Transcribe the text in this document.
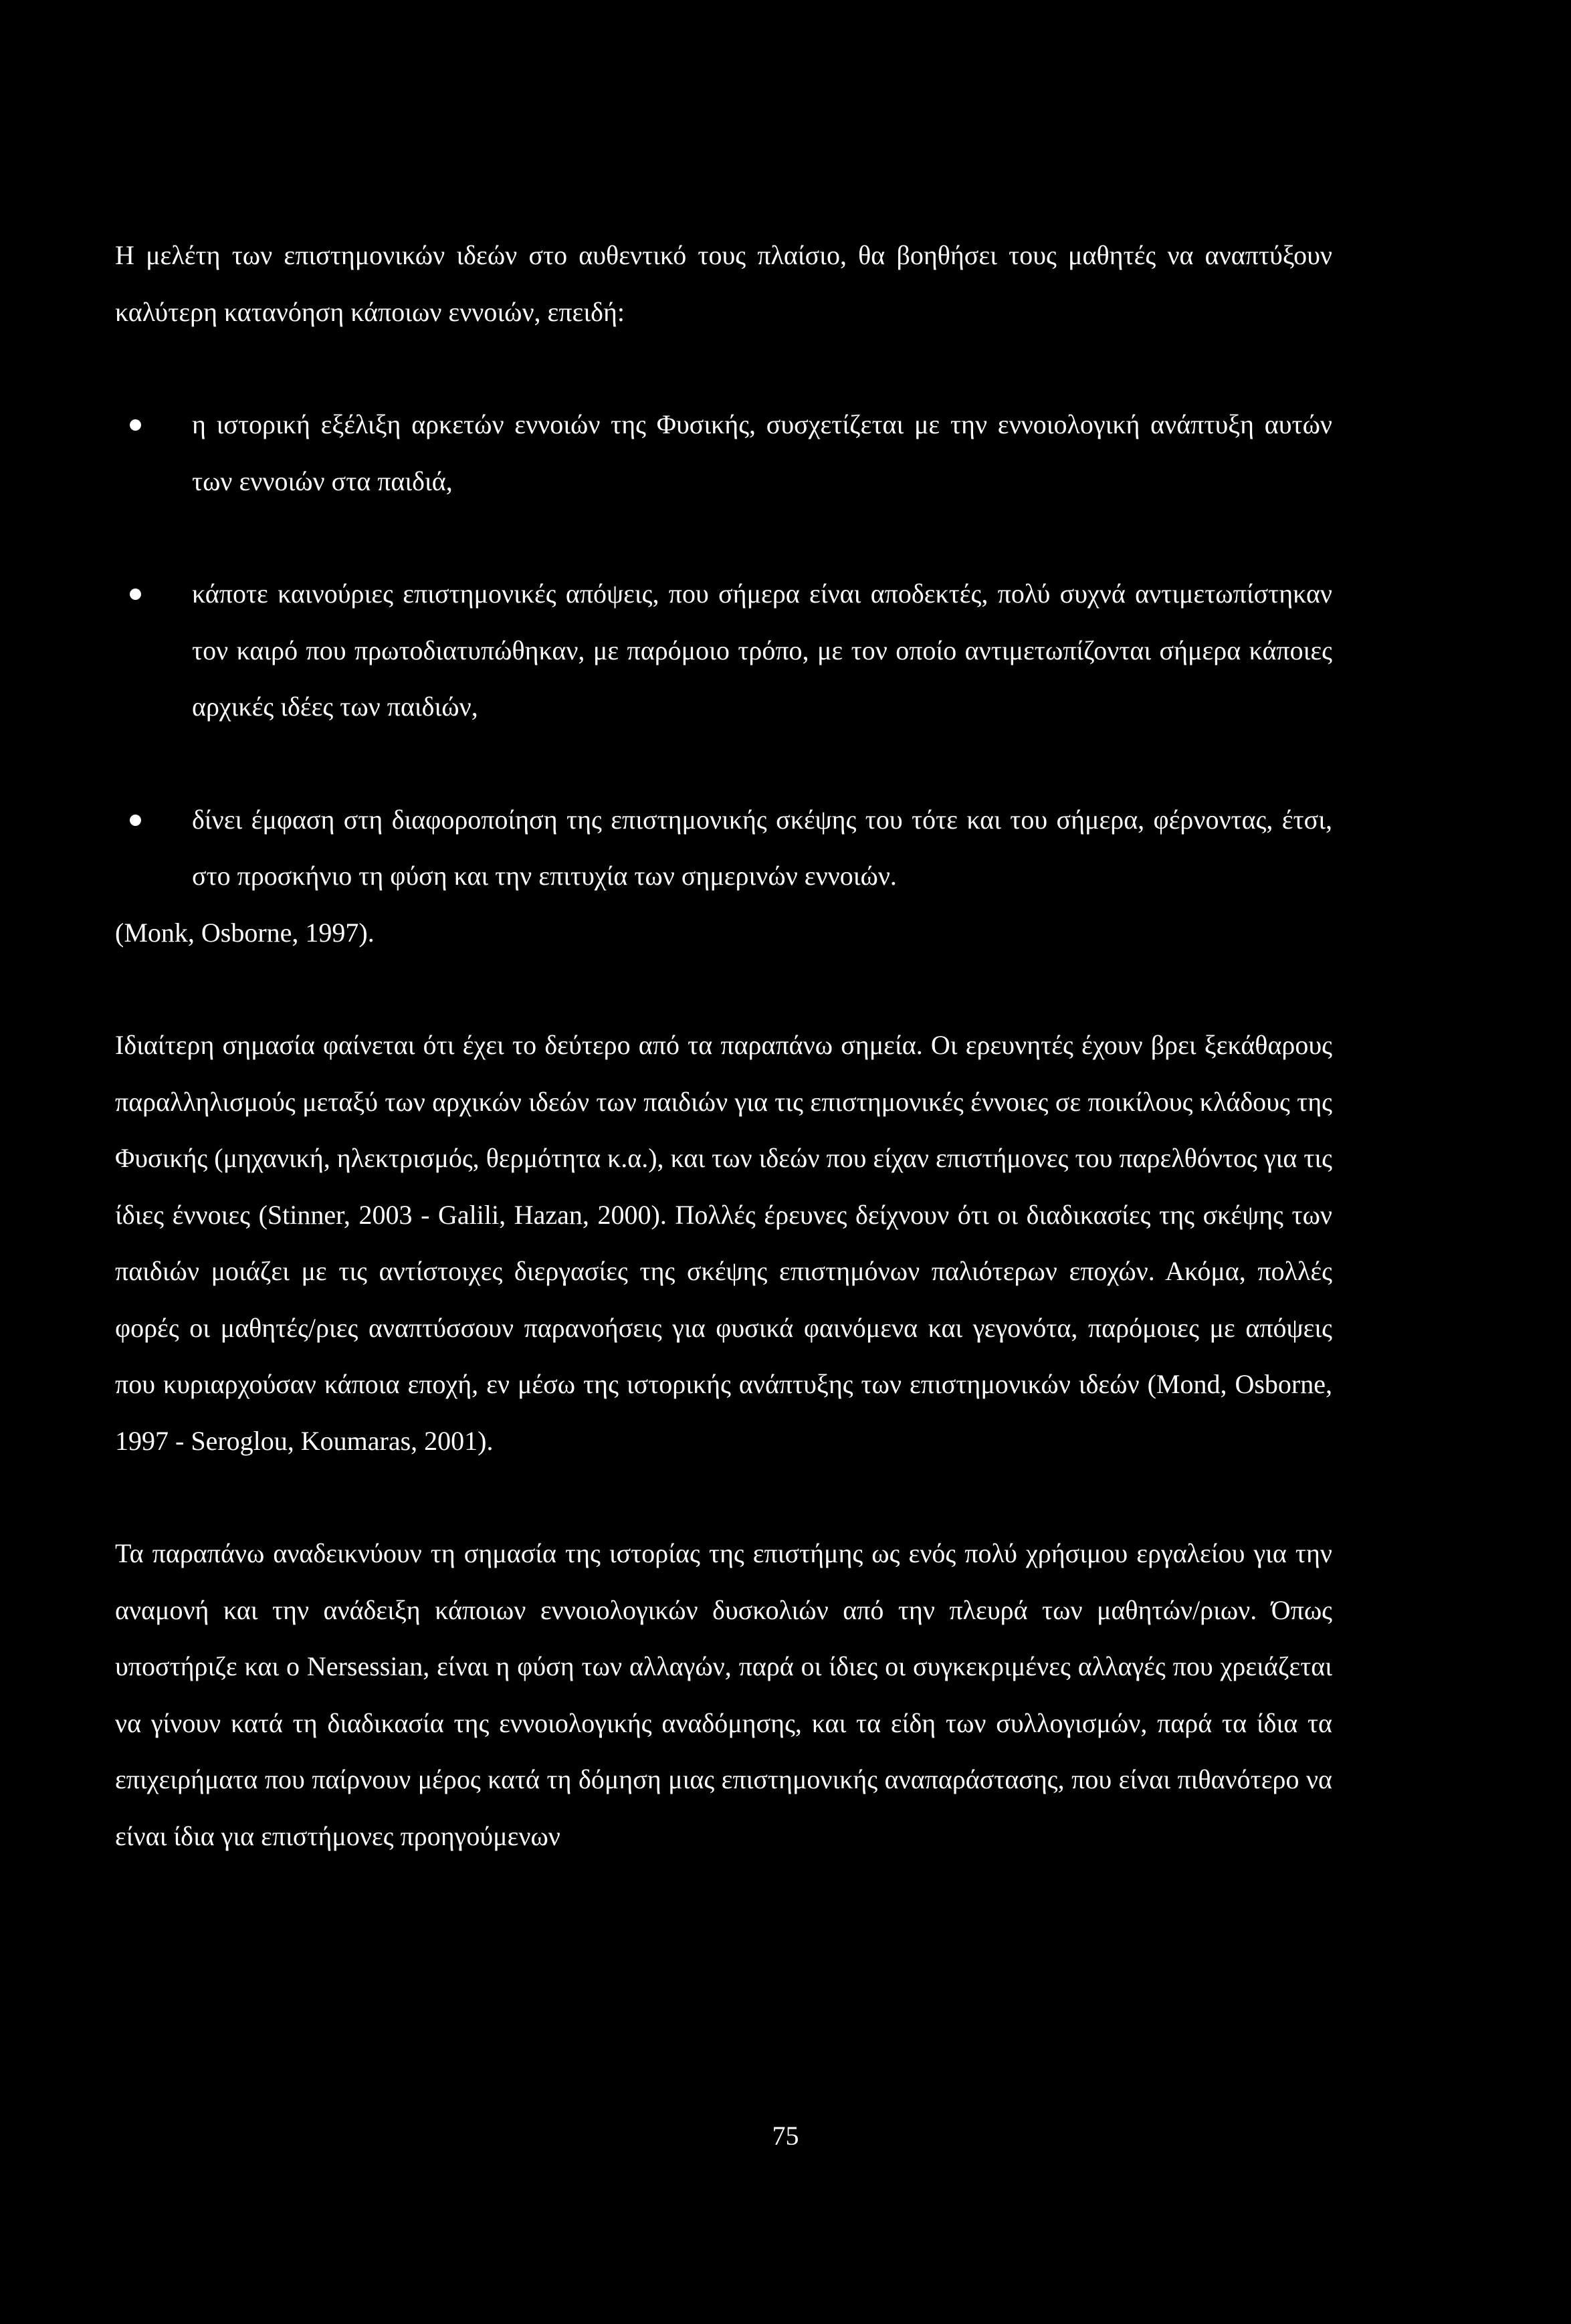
Η μελέτη των επιστημονικών ιδεών στο αυθεντικό τους πλαίσιο, θα βοηθήσει τους μαθητές να αναπτύξουν καλύτερη κατανόηση κάποιων εννοιών, επειδή:

η ιστορική εξέλιξη αρκετών εννοιών της Φυσικής, συσχετίζεται με την εννοιολογική ανάπτυξη αυτών των εννοιών στα παιδιά,
κάποτε καινούριες επιστημονικές απόψεις, που σήμερα είναι αποδεκτές, πολύ συχνά αντιμετωπίστηκαν τον καιρό που πρωτοδιατυπώθηκαν, με παρόμοιο τρόπο, με τον οποίο αντιμετωπίζονται σήμερα κάποιες αρχικές ιδέες των παιδιών,
δίνει έμφαση στη διαφοροποίηση της επιστημονικής σκέψης του τότε και του σήμερα, φέρνοντας, έτσι, στο προσκήνιο τη φύση και την επιτυχία των σημερινών εννοιών.

(Monk, Osborne, 1997).

Ιδιαίτερη σημασία φαίνεται ότι έχει το δεύτερο από τα παραπάνω σημεία. Οι ερευνητές έχουν βρει ξεκάθαρους παραλληλισμούς μεταξύ των αρχικών ιδεών των παιδιών για τις επιστημονικές έννοιες σε ποικίλους κλάδους της Φυσικής (μηχανική, ηλεκτρισμός, θερμότητα κ.α.), και των ιδεών που είχαν επιστήμονες του παρελθόντος για τις ίδιες έννοιες (Stinner, 2003 - Galili, Hazan, 2000). Πολλές έρευνες δείχνουν ότι οι διαδικασίες της σκέψης των παιδιών μοιάζει με τις αντίστοιχες διεργασίες της σκέψης επιστημόνων παλιότερων εποχών. Ακόμα, πολλές φορές οι μαθητές/ριες αναπτύσσουν παρανοήσεις για φυσικά φαινόμενα και γεγονότα, παρόμοιες με απόψεις που κυριαρχούσαν κάποια εποχή, εν μέσω της ιστορικής ανάπτυξης των επιστημονικών ιδεών (Mond, Osborne, 1997 - Seroglou, Koumaras, 2001).

Τα παραπάνω αναδεικνύουν τη σημασία της ιστορίας της επιστήμης ως ενός πολύ χρήσιμου εργαλείου για την αναμονή και την ανάδειξη κάποιων εννοιολογικών δυσκολιών από την πλευρά των μαθητών/ριων. Όπως υποστήριζε και ο Nersessian, είναι η φύση των αλλαγών, παρά οι ίδιες οι συγκεκριμένες αλλαγές που χρειάζεται να γίνουν κατά τη διαδικασία της εννοιολογικής αναδόμησης, και τα είδη των συλλογισμών, παρά τα ίδια τα επιχειρήματα που παίρνουν μέρος κατά τη δόμηση μιας επιστημονικής αναπαράστασης, που είναι πιθανότερο να είναι ίδια για επιστήμονες προηγούμενων

75
